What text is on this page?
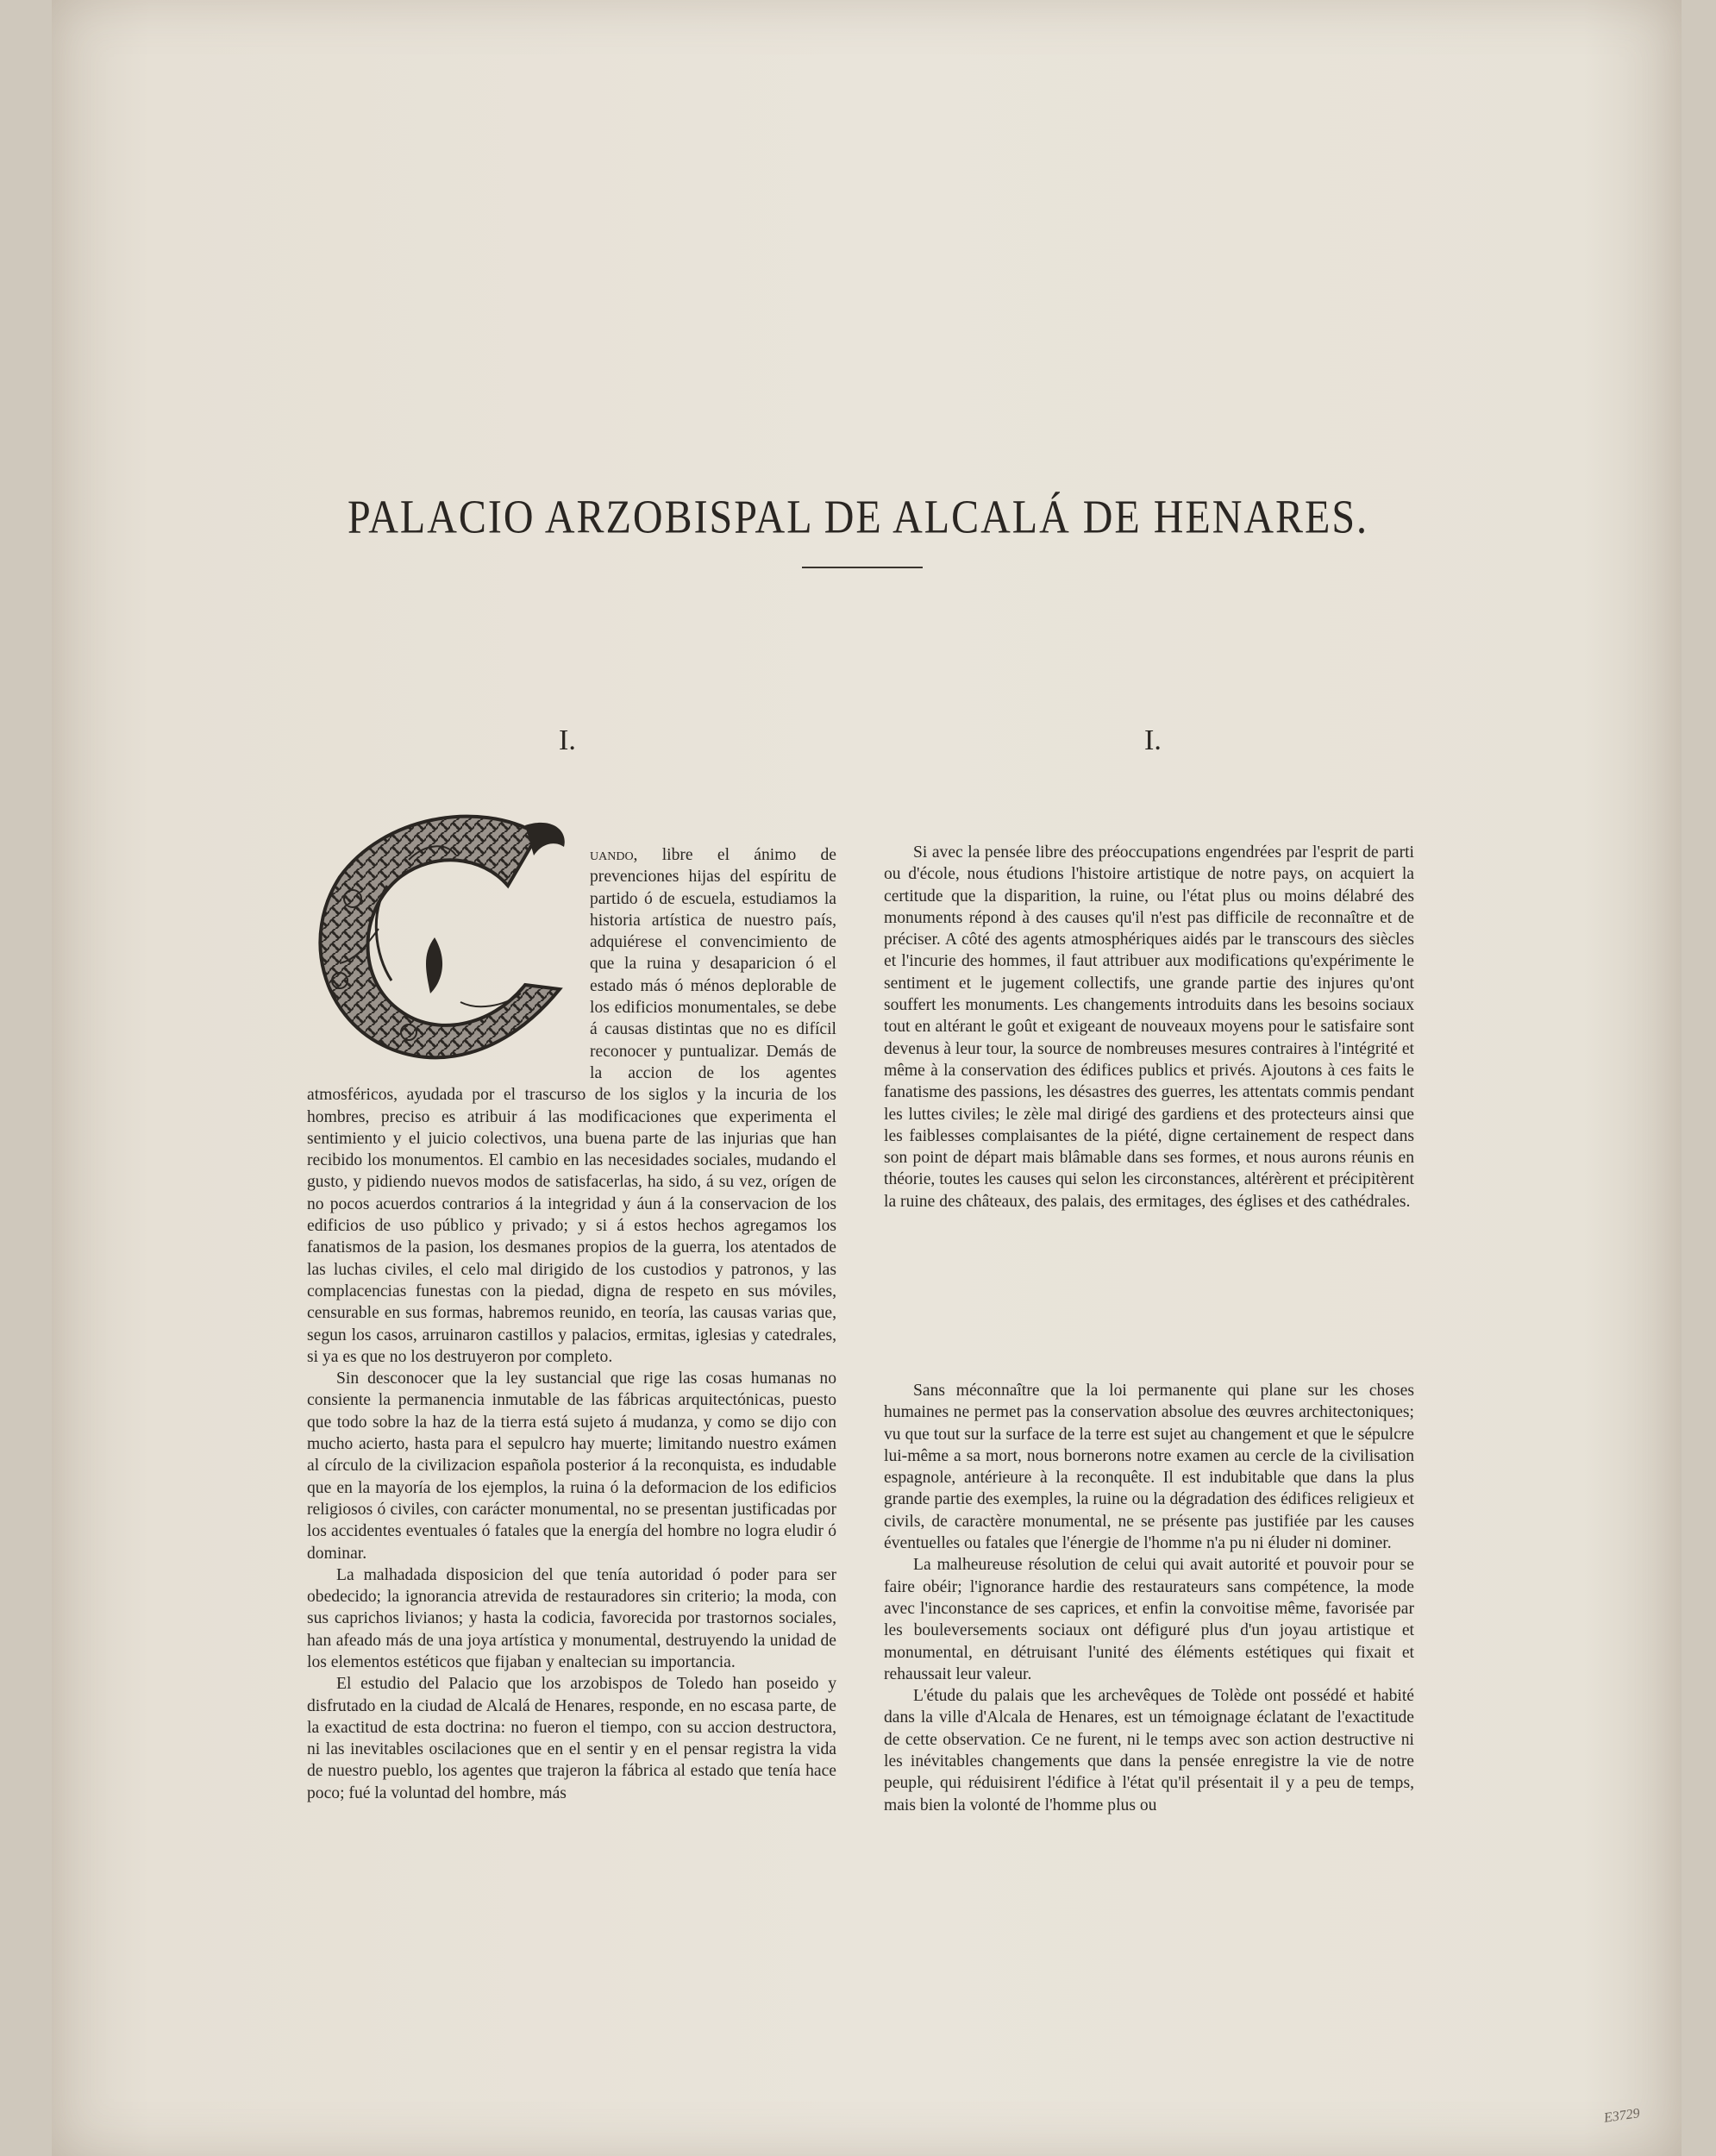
PALACIO ARZOBISPAL DE ALCALÁ DE HENARES.
I.	I.

uando, libre el ánimo de prevenciones hijas del espíritu de partido ó de escuela, estudiamos la historia artística de nuestro país, adquiérese el convencimiento de que la ruina y desaparicion ó el estado más ó ménos deplorable de los edificios monumentales, se debe á causas distintas que no es difícil reconocer y puntualizar. Demás de la accion de los agentes atmosféricos, ayudada por el trascurso de los siglos y la incuria de los hombres, preciso es atribuir á las modificaciones que experimenta el sentimiento y el juicio colectivos, una buena parte de las injurias que han recibido los monumentos. El cambio en las necesidades sociales, mudando el gusto, y pidiendo nuevos modos de satisfacerlas, ha sido, á su vez, orígen de no pocos acuerdos contrarios á la integridad y áun á la conservacion de los edificios de uso público y privado; y si á estos hechos agregamos los fanatismos de la pasion, los desmanes propios de la guerra, los atentados de las luchas civiles, el celo mal dirigido de los custodios y patronos, y las complacencias funestas con la piedad, digna de respeto en sus móviles, censurable en sus formas, habremos reunido, en teoría, las causas varias que, segun los casos, arruinaron castillos y palacios, ermitas, iglesias y catedrales, si ya es que no los destruyeron por completo.

Sin desconocer que la ley sustancial que rige las cosas humanas no consiente la permanencia inmutable de las fábricas arquitectónicas, puesto que todo sobre la haz de la tierra está sujeto á mudanza, y como se dijo con mucho acierto, hasta para el sepulcro hay muerte; limitando nuestro exámen al círculo de la civilizacion española posterior á la reconquista, es indudable que en la mayoría de los ejemplos, la ruina ó la deformacion de los edificios religiosos ó civiles, con carácter monumental, no se presentan justificadas por los accidentes eventuales ó fatales que la energía del hombre no logra eludir ó dominar.

La malhadada disposicion del que tenía autoridad ó poder para ser obedecido; la ignorancia atrevida de restauradores sin criterio; la moda, con sus caprichos livianos; y hasta la codicia, favorecida por trastornos sociales, han afeado más de una joya artística y monumental, destruyendo la unidad de los elementos estéticos que fijaban y enaltecian su importancia.

El estudio del Palacio que los arzobispos de Toledo han poseido y disfrutado en la ciudad de Alcalá de Henares, responde, en no escasa parte, de la exactitud de esta doctrina: no fueron el tiempo, con su accion destructora, ni las inevitables oscilaciones que en el sentir y en el pensar registra la vida de nuestro pueblo, los agentes que trajeron la fábrica al estado que tenía hace poco; fué la voluntad del hombre, más

Si avec la pensée libre des préoccupations engendrées par l'esprit de parti ou d'école, nous étudions l'histoire artistique de notre pays, on acquiert la certitude que la disparition, la ruine, ou l'état plus ou moins délabré des monuments répond à des causes qu'il n'est pas difficile de reconnaître et de préciser. A côté des agents atmosphériques aidés par le transcours des siècles et l'incurie des hommes, il faut attribuer aux modifications qu'expérimente le sentiment et le jugement collectifs, une grande partie des injures qu'ont souffert les monuments. Les changements introduits dans les besoins sociaux tout en altérant le goût et exigeant de nouveaux moyens pour le satisfaire sont devenus à leur tour, la source de nombreuses mesures contraires à l'intégrité et même à la conservation des édifices publics et privés. Ajoutons à ces faits le fanatisme des passions, les désastres des guerres, les attentats commis pendant les luttes civiles; le zèle mal dirigé des gardiens et des protecteurs ainsi que les faiblesses complaisantes de la piété, digne certainement de respect dans son point de départ mais blâmable dans ses formes, et nous aurons réunis en théorie, toutes les causes qui selon les circonstances, altérèrent et précipitèrent la ruine des châteaux, des palais, des ermitages, des églises et des cathédrales.

Sans méconnaître que la loi permanente qui plane sur les choses humaines ne permet pas la conservation absolue des œuvres architectoniques; vu que tout sur la surface de la terre est sujet au changement et que le sépulcre lui-même a sa mort, nous bornerons notre examen au cercle de la civilisation espagnole, antérieure à la reconquête. Il est indubitable que dans la plus grande partie des exemples, la ruine ou la dégradation des édifices religieux et civils, de caractère monumental, ne se présente pas justifiée par les causes éventuelles ou fatales que l'énergie de l'homme n'a pu ni éluder ni dominer.

La malheureuse résolution de celui qui avait autorité et pouvoir pour se faire obéir; l'ignorance hardie des restaurateurs sans compétence, la mode avec l'inconstance de ses caprices, et enfin la convoitise même, favorisée par les bouleversements sociaux ont défiguré plus d'un joyau artistique et monumental, en détruisant l'unité des éléments estétiques qui fixait et rehaussait leur valeur.

L'étude du palais que les archevêques de Tolède ont possédé et habité dans la ville d'Alcala de Henares, est un témoignage éclatant de l'exactitude de cette observation. Ce ne furent, ni le temps avec son action destructive ni les inévitables changements que dans la pensée enregistre la vie de notre peuple, qui réduisirent l'édifice à l'état qu'il présentait il y a peu de temps, mais bien la volonté de l'homme plus ou

E3729
